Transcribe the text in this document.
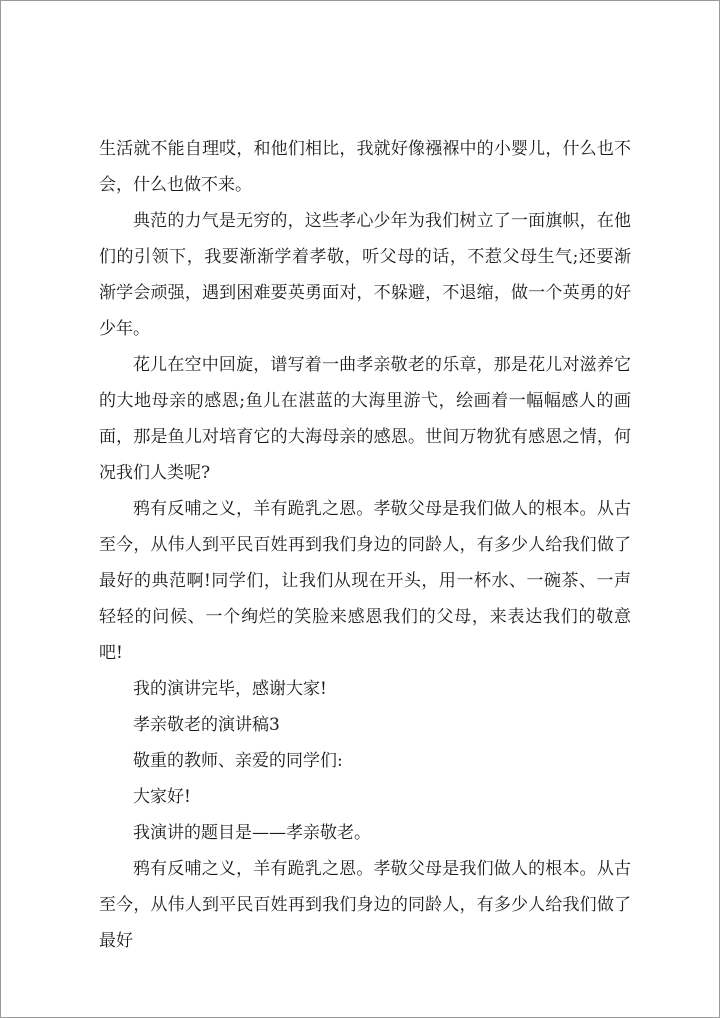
生活就不能自理哎，和他们相比，我就好像襁褓中的小婴儿，什么也不会，什么也做不来。

典范的力气是无穷的，这些孝心少年为我们树立了一面旗帜，在他们的引领下，我要渐渐学着孝敬，听父母的话，不惹父母生气;还要渐渐学会顽强，遇到困难要英勇面对，不躲避，不退缩，做一个英勇的好少年。

花儿在空中回旋，谱写着一曲孝亲敬老的乐章，那是花儿对滋养它的大地母亲的感恩;鱼儿在湛蓝的大海里游弋，绘画着一幅幅感人的画面，那是鱼儿对培育它的大海母亲的感恩。世间万物犹有感恩之情，何况我们人类呢?

鸦有反哺之义，羊有跪乳之恩。孝敬父母是我们做人的根本。从古至今，从伟人到平民百姓再到我们身边的同龄人，有多少人给我们做了最好的典范啊!同学们，让我们从现在开头，用一杯水、一碗茶、一声轻轻的问候、一个绚烂的笑脸来感恩我们的父母，来表达我们的敬意吧!

我的演讲完毕，感谢大家!

孝亲敬老的演讲稿3

敬重的教师、亲爱的同学们:

大家好!

我演讲的题目是——孝亲敬老。

鸦有反哺之义，羊有跪乳之恩。孝敬父母是我们做人的根本。从古至今，从伟人到平民百姓再到我们身边的同龄人，有多少人给我们做了最好
